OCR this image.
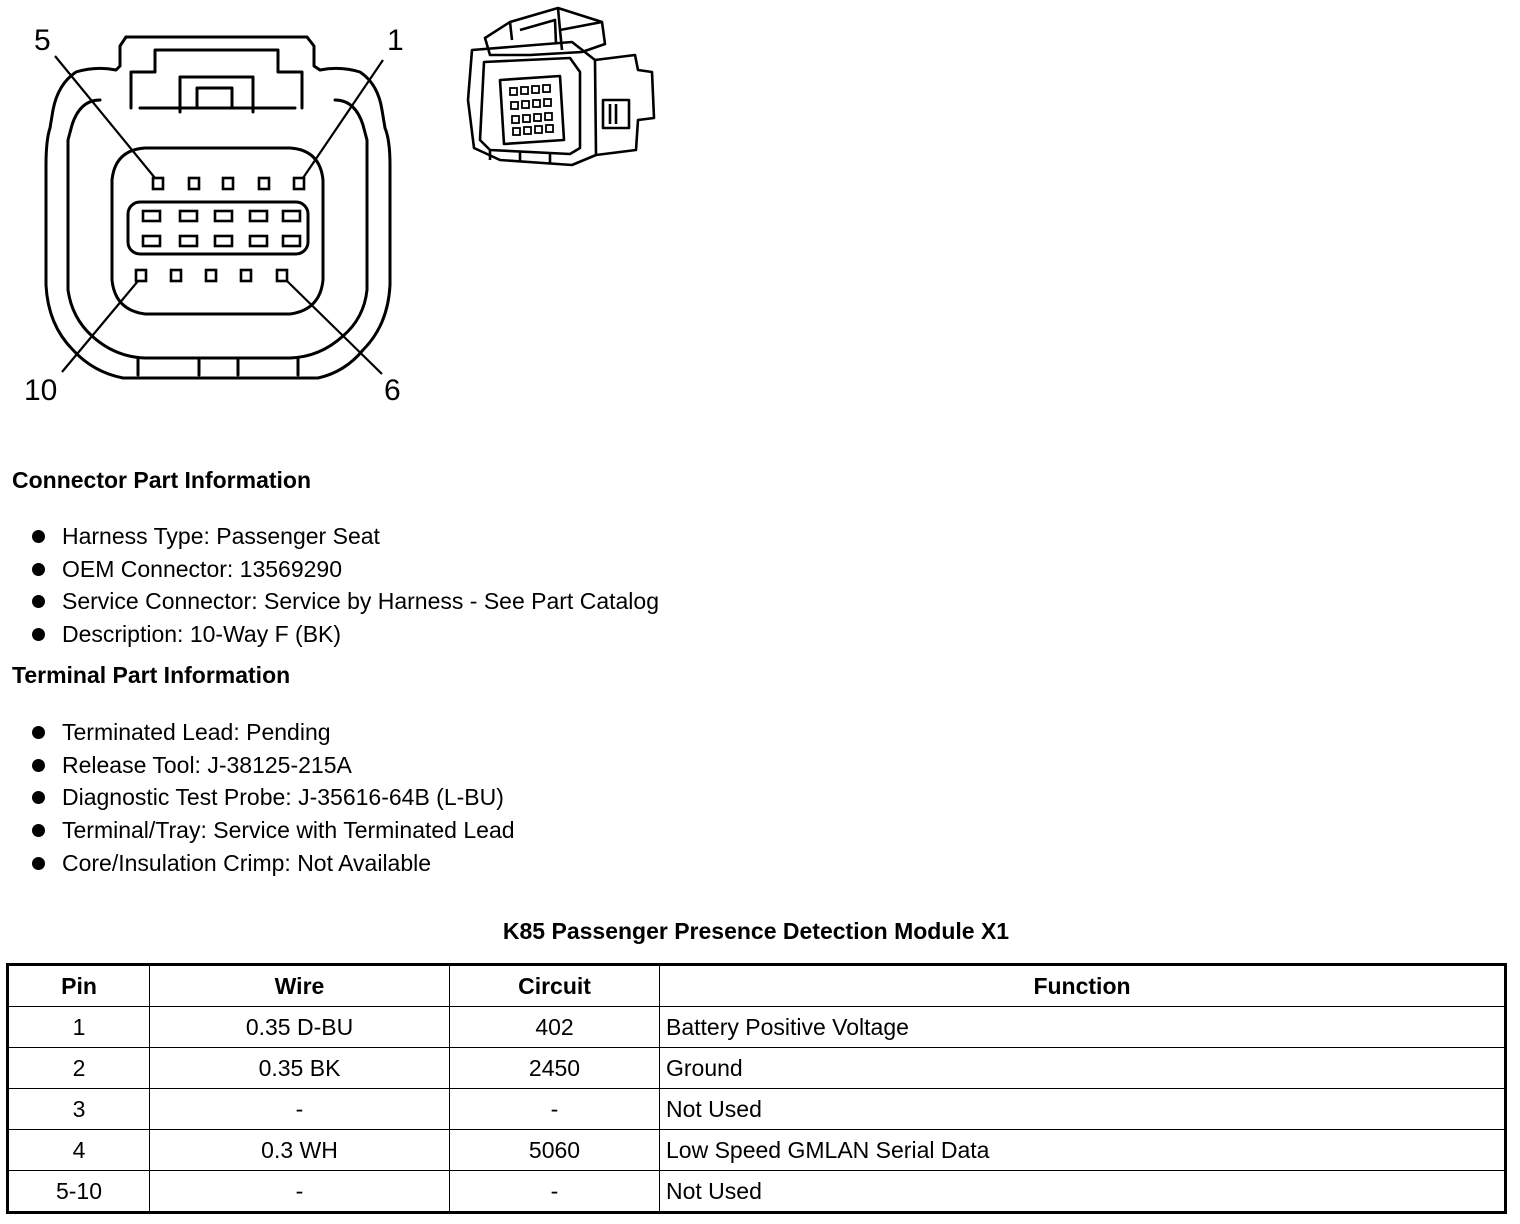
5	1
10	6
Connector Part Information
Harness Type: Passenger Seat
OEM Connector: 13569290
Service Connector: Service by Harness - See Part Catalog
Description: 10-Way F (BK)
Terminal Part Information
Terminated Lead: Pending
Release Tool: J-38125-215A
Diagnostic Test Probe: J-35616-64B (L-BU)
Terminal/Tray: Service with Terminated Lead
Core/Insulation Crimp: Not Available
K85 Passenger Presence Detection Module X1
Pin	Wire	Circuit	Function
1	0.35 D-BU	402	Battery Positive Voltage
2	0.35 BK	2450	Ground
3	-	-	Not Used
4	0.3 WH	5060	Low Speed GMLAN Serial Data
5-10	-	-	Not Used
